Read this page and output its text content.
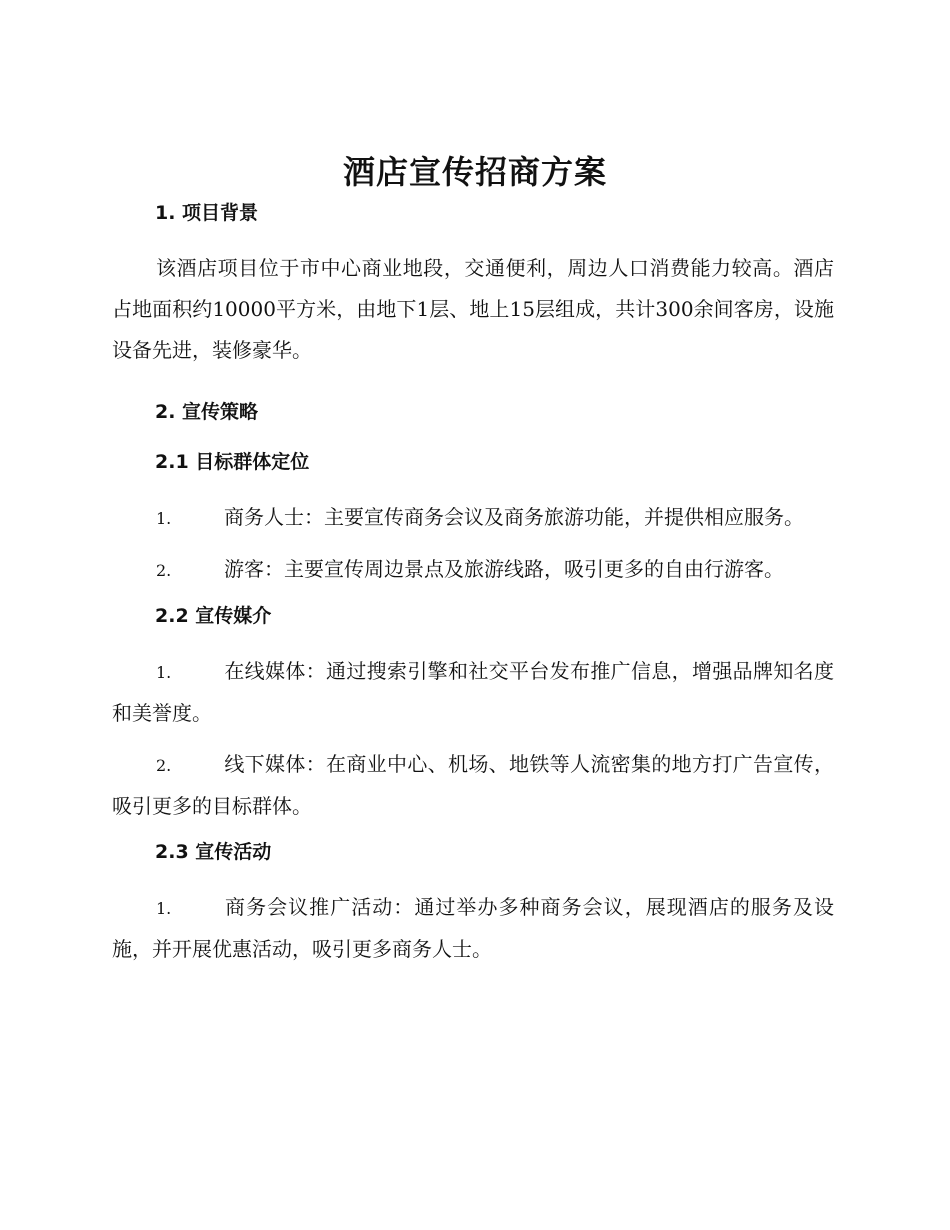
酒店宣传招商方案
1. 项目背景

该酒店项目位于市中心商业地段，交通便利，周边人口消费能力较高。酒店占地面积约10000平方米，由地下1层、地上15层组成，共计300余间客房，设施设备先进，装修豪华。

2. 宣传策略
2.1 目标群体定位

1.	商务人士：主要宣传商务会议及商务旅游功能，并提供相应服务。

2.	游客：主要宣传周边景点及旅游线路，吸引更多的自由行游客。

2.2 宣传媒介

1.	在线媒体：通过搜索引擎和社交平台发布推广信息，增强品牌知名度和美誉度。

2.	线下媒体：在商业中心、机场、地铁等人流密集的地方打广告宣传，吸引更多的目标群体。

2.3 宣传活动

1.	商务会议推广活动：通过举办多种商务会议，展现酒店的服务及设施，并开展优惠活动，吸引更多商务人士。
